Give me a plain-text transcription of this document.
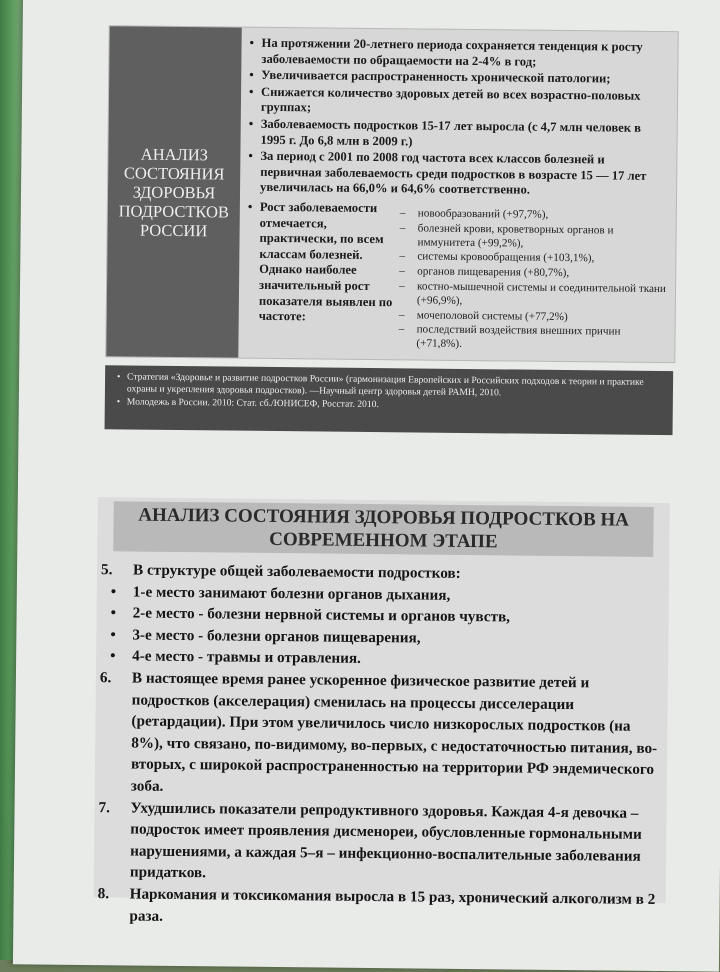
АНАЛИЗ
СОСТОЯНИЯ
ЗДОРОВЬЯ
ПОДРОСТКОВ
РОССИИ
• На протяжении 20-летнего периода сохраняется тенденция к росту заболеваемости по обращаемости на 2-4% в год;
• Увеличивается распространенность хронической патологии;
• Снижается количество здоровых детей во всех возрастно-половых группах;
• Заболеваемость подростков 15-17 лет выросла (с 4,7 млн человек в 1995 г. До 6,8 млн в 2009 г.)
• За период с 2001 по 2008 год частота всех классов болезней и первичная заболеваемость среди подростков в возрасте 15 — 17 лет увеличилась на 66,0% и 64,6% соответственно.
• Рост заболеваемости отмечается, практически, по всем классам болезней. Однако наиболее значительный рост показателя выявлен по частоте:
– новообразований (+97,7%),
– болезней крови, кроветворных органов и иммунитета (+99,2%),
– системы кровообращения (+103,1%),
– органов пищеварения (+80,7%),
– костно-мышечной системы и соединительной ткани (+96,9%),
– мочеполовой системы (+77,2%)
– последствий воздействия внешних причин (+71,8%).
• Стратегия «Здоровье и развитие подростков России» (гармонизация Европейских и Российских подходов к теории и практике охраны и укрепления здоровья подростков). —Научный центр здоровья детей РАМН, 2010.
• Молодежь в России. 2010: Стат. сб./ЮНИСЕФ, Росстат. 2010.
АНАЛИЗ СОСТОЯНИЯ ЗДОРОВЬЯ ПОДРОСТКОВ НА
СОВРЕМЕННОМ ЭТАПЕ
5.	В структуре общей заболеваемости подростков:
• 1-е место занимают болезни органов дыхания,
• 2-е место - болезни нервной системы и органов чувств,
• 3-е место - болезни органов пищеварения,
• 4-е место - травмы и отравления.
6.	В настоящее время ранее ускоренное физическое развитие детей и подростков (акселерация) сменилась на процессы дисселерации (ретардации). При этом увеличилось число низкорослых подростков (на 8%), что связано, по-видимому, во-первых, с недостаточностью питания, во-вторых, с широкой распространенностью на территории РФ эндемического зоба.
7.	Ухудшились показатели репродуктивного здоровья. Каждая 4-я девочка – подросток имеет проявления дисменореи, обусловленные гормональными нарушениями, а каждая 5–я – инфекционно-воспалительные заболевания придатков.
8.	Наркомания и токсикомания выросла в 15 раз, хронический алкоголизм в 2 раза.
